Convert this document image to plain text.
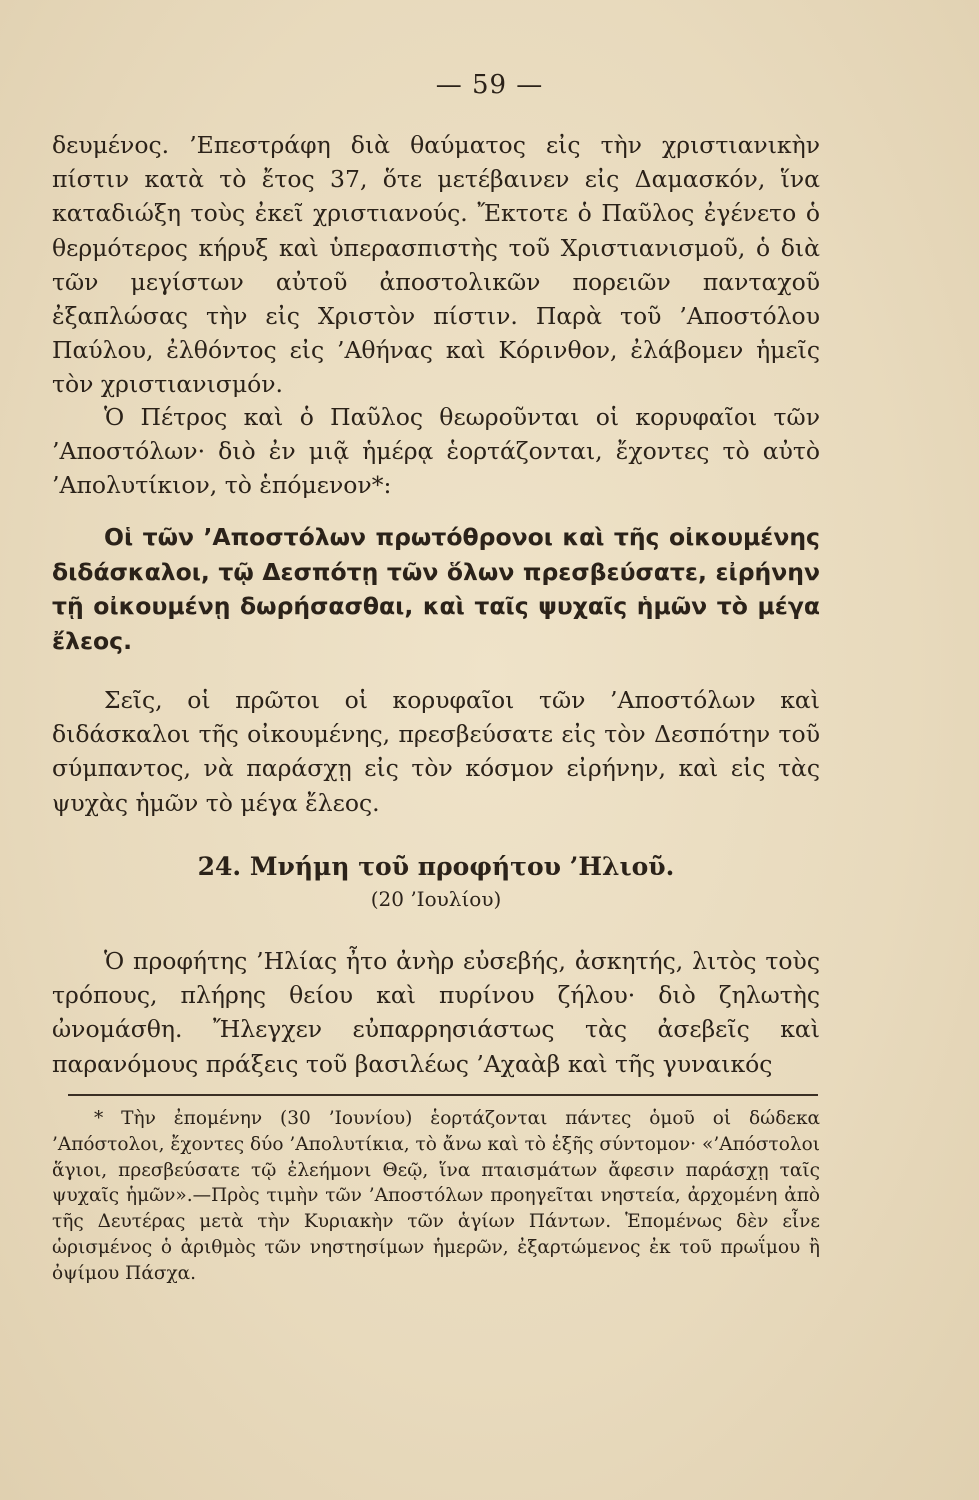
— 59 —

δευμένος. ’Επεστράφη διὰ θαύματος εἰς τὴν χριστιανικὴν πίστιν κατὰ τὸ ἔτος 37, ὅτε μετέβαινεν εἰς Δαμασκόν, ἵνα καταδιώξη τοὺς ἐκεῖ χριστιανούς. Ἔκτοτε ὁ Παῦλος ἐγένετο ὁ θερμότερος κήρυξ καὶ ὑπερασπιστὴς τοῦ Χριστιανισμοῦ, ὁ διὰ τῶν μεγίστων αὐτοῦ ἀποστολικῶν πορειῶν πανταχοῦ ἐξαπλώσας τὴν εἰς Χριστὸν πίστιν. Παρὰ τοῦ ’Αποστόλου Παύλου, ἐλθόντος εἰς ’Αθήνας καὶ Κόρινθον, ἐλάβομεν ἡμεῖς τὸν χριστιανισμόν.

Ὁ Πέτρος καὶ ὁ Παῦλος θεωροῦνται οἱ κορυφαῖοι τῶν ’Αποστόλων· διὸ ἐν μιᾷ ἡμέρᾳ ἑορτάζονται, ἔχοντες τὸ αὐτὸ ’Απολυτίκιον, τὸ ἑπόμενον*:

Οἱ τῶν ’Αποστόλων πρωτόθρονοι καὶ τῆς οἰκουμένης διδάσκαλοι, τῷ Δεσπότῃ τῶν ὅλων πρεσβεύσατε, εἰρήνην τῇ οἰκουμένῃ δωρήσασθαι, καὶ ταῖς ψυχαῖς ἡμῶν τὸ μέγα ἔλεος.

Σεῖς, οἱ πρῶτοι οἱ κορυφαῖοι τῶν ’Αποστόλων καὶ διδάσκαλοι τῆς οἰκουμένης, πρεσβεύσατε εἰς τὸν Δεσπότην τοῦ σύμπαντος, νὰ παράσχῃ εἰς τὸν κόσμον εἰρήνην, καὶ εἰς τὰς ψυχὰς ἡμῶν τὸ μέγα ἔλεος.

24. Μνήμη τοῦ προφήτου ’Ηλιοῦ.

(20 ’Ιουλίου)

Ὁ προφήτης ’Ηλίας ἦτο ἀνὴρ εὐσεβής, ἀσκητής, λιτὸς τοὺς τρόπους, πλήρης θείου καὶ πυρίνου ζήλου· διὸ ζηλωτὴς ὠνομάσθη. Ἤλεγχεν εὐπαρρησιάστως τὰς ἀσεβεῖς καὶ παρανόμους πράξεις τοῦ βασιλέως ’Αχαὰβ καὶ τῆς γυναικός

* Τὴν ἐπομένην (30 ’Ιουνίου) ἑορτάζονται πάντες ὁμοῦ οἱ δώδεκα ’Απόστολοι, ἔχοντες δύο ’Απολυτίκια, τὸ ἄνω καὶ τὸ ἑξῆς σύντομον· «’Απόστολοι ἅγιοι, πρεσβεύσατε τῷ ἐλεήμονι Θεῷ, ἵνα πταισμάτων ἄφεσιν παράσχῃ ταῖς ψυχαῖς ἡμῶν».—Πρὸς τιμὴν τῶν ’Αποστόλων προηγεῖται νηστεία, ἀρχομένη ἀπὸ τῆς Δευτέρας μετὰ τὴν Κυριακὴν τῶν ἁγίων Πάντων. Ἑπομένως δὲν εἶνε ὡρισμένος ὁ ἀριθμὸς τῶν νηστησίμων ἡμερῶν, ἐξαρτώμενος ἐκ τοῦ πρωΐμου ἢ ὀψίμου Πάσχα.
